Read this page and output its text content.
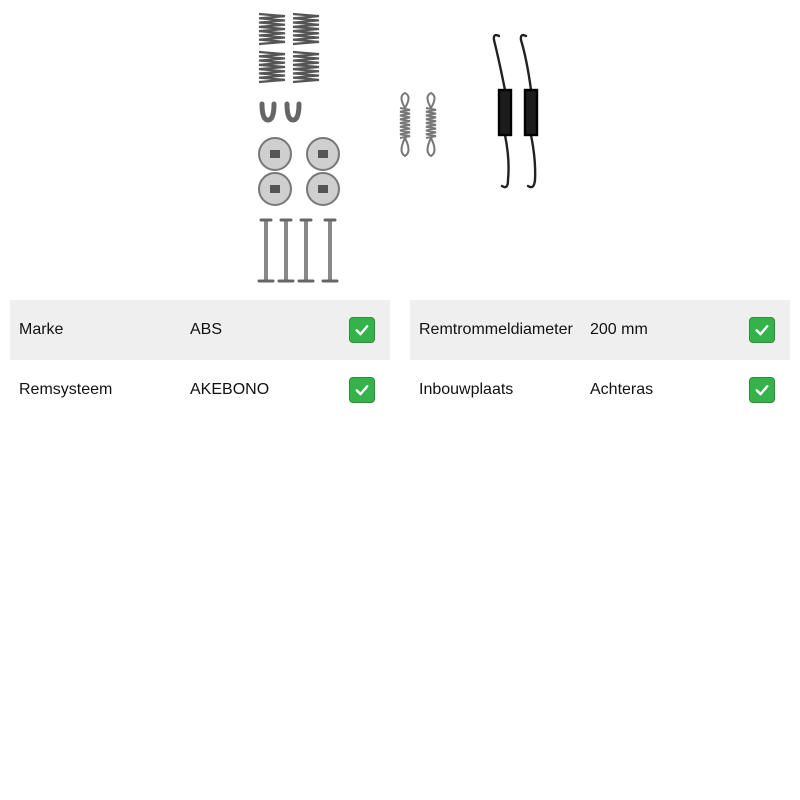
Marke	ABS
Remsysteem	AKEBONO
Remtrommeldiameter 200 mm
Inbouwplaats	Achteras
